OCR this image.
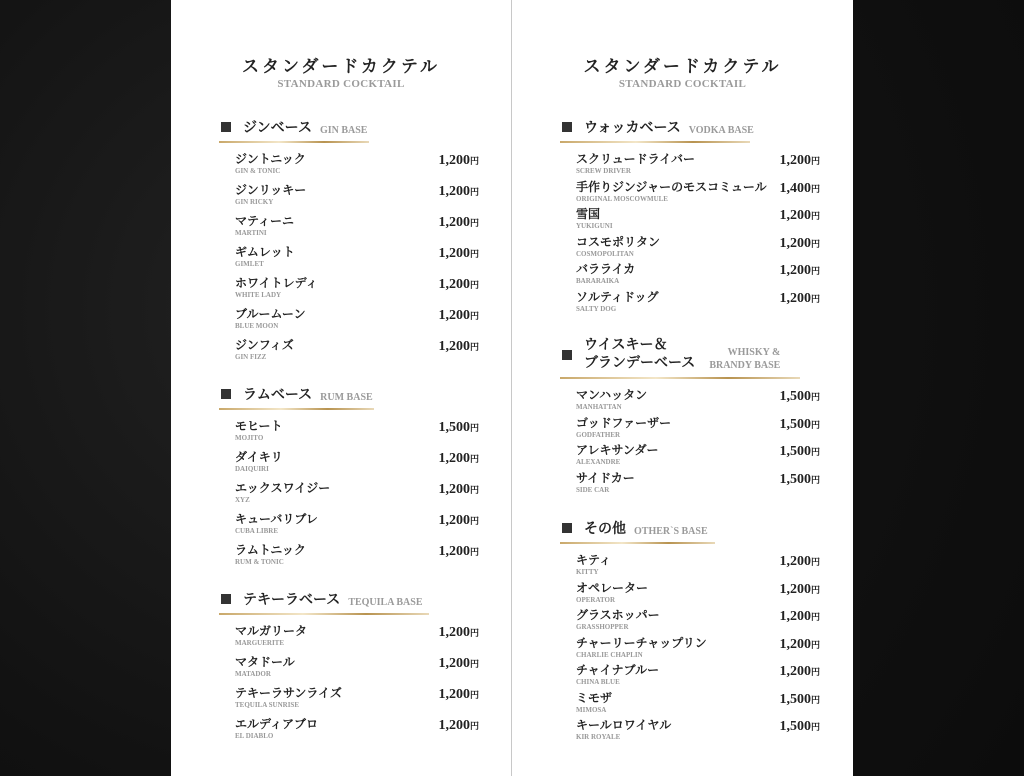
スタンダードカクテル
STANDARD COCKTAIL
ジンベース GIN BASE
ジントニック
GIN & TONIC
1,200円
ジンリッキー
GIN RICKY
1,200円
マティーニ
MARTINI
1,200円
ギムレット
GIMLET
1,200円
ホワイトレディ
WHITE LADY
1,200円
ブルームーン
BLUE MOON
1,200円
ジンフィズ
GIN FIZZ
1,200円
ラムベース RUM BASE
モヒート
MOJITO
1,500円
ダイキリ
DAIQUIRI
1,200円
エックスワイジー
XYZ
1,200円
キューバリブレ
CUBA LIBRE
1,200円
ラムトニック
RUM & TONIC
1,200円
テキーラベース TEQUILA BASE
マルガリータ
MARGUERITE
1,200円
マタドール
MATADOR
1,200円
テキーラサンライズ
TEQUILA SUNRISE
1,200円
エルディアブロ
EL DIABLO
1,200円
スタンダードカクテル
STANDARD COCKTAIL
ウォッカベース VODKA BASE
スクリュードライバー
SCREW DRIVER
1,200円
手作りジンジャーのモスコミュール
ORIGINAL MOSCOWMULE
1,400円
雪国
YUKIGUNI
1,200円
コスモポリタン
COSMOPOLITAN
1,200円
バラライカ
BARARAIKA
1,200円
ソルティドッグ
SALTY DOG
1,200円
ウイスキー＆
ブランデーベース
WHISKY &
BRANDY BASE
マンハッタン
MANHATTAN
1,500円
ゴッドファーザー
GODFATHER
1,500円
アレキサンダー
ALEXANDRE
1,500円
サイドカー
SIDE CAR
1,500円
その他 OTHER`S BASE
キティ
KITTY
1,200円
オペレーター
OPERATOR
1,200円
グラスホッパー
GRASSHOPPER
1,200円
チャーリーチャップリン
CHARLIE CHAPLIN
1,200円
チャイナブルー
CHINA BLUE
1,200円
ミモザ
MIMOSA
1,500円
キールロワイヤル
KIR ROYALE
1,500円
